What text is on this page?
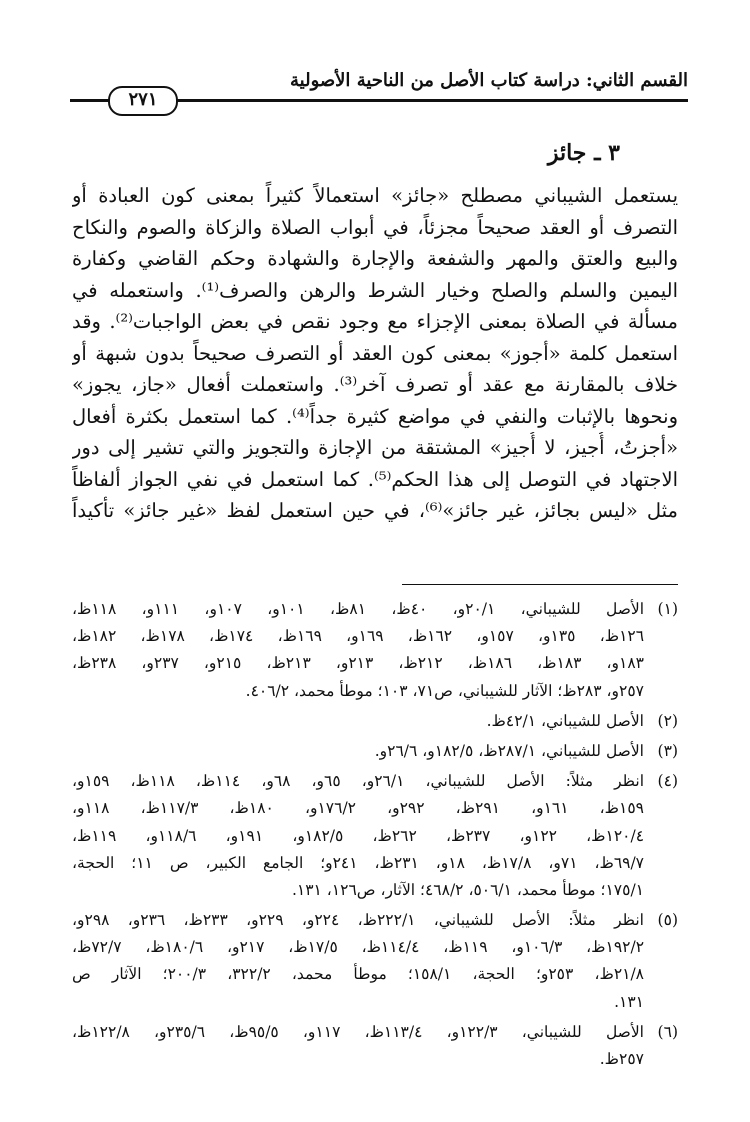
القسم الثاني: دراسة كتاب الأصل من الناحية الأصولية
٢٧١
٣ ـ جائز
يستعمل الشيباني مصطلح «جائز» استعمالاً كثيراً بمعنى كون العبادة أو
التصرف أو العقد صحيحاً مجزئاً، في أبواب الصلاة والزكاة والصوم والنكاح
والبيع والعتق والمهر والشفعة والإجارة والشهادة وحكم القاضي وكفارة
اليمين والسلم والصلح وخيار الشرط والرهن والصرف⁽¹⁾. واستعمله في
مسألة في الصلاة بمعنى الإجزاء مع وجود نقص في بعض الواجبات⁽²⁾. وقد
استعمل كلمة «أجوز» بمعنى كون العقد أو التصرف صحيحاً بدون شبهة أو
خلاف بالمقارنة مع عقد أو تصرف آخر⁽³⁾. واستعملت أفعال «جاز، يجوز»
ونحوها بالإثبات والنفي في مواضع كثيرة جداً⁽⁴⁾. كما استعمل بكثرة أفعال
«أجزتُ، أُجيز، لا أُجيز» المشتقة من الإجازة والتجويز والتي تشير إلى دور
الاجتهاد في التوصل إلى هذا الحكم⁽⁵⁾. كما استعمل في نفي الجواز ألفاظاً
مثل «ليس بجائز، غير جائز»⁽⁶⁾، في حين استعمل لفظ «غير جائز» تأكيداً
(١)
الأصل للشيباني، ٢٠/١و، ٤٠ظ، ٨١ظ، ١٠١و، ١٠٧و، ١١١و، ١١٨ظ،
١٢٦ظ، ١٣٥و، ١٥٧و، ١٦٢ظ، ١٦٩و، ١٦٩ظ، ١٧٤ظ، ١٧٨ظ، ١٨٢ظ،
١٨٣و، ١٨٣ظ، ١٨٦ظ، ٢١٢ظ، ٢١٣و، ٢١٣ظ، ٢١٥و، ٢٣٧و، ٢٣٨ظ،
٢٥٧و، ٢٨٣ظ؛ الآثار للشيباني، ص٧١، ١٠٣؛ موطأ محمد، ٤٠٦/٢.
(٢)
الأصل للشيباني، ٤٢/١ظ.
(٣)
الأصل للشيباني، ٢٨٧/١ظ، ١٨٢/٥و، ٢٦/٦و.
(٤)
انظر مثلاً: الأصل للشيباني، ٢٦/١و، ٦٥و، ٦٨و، ١١٤ظ، ١١٨ظ، ١٥٩و،
١٥٩ظ، ١٦١و، ٢٩١ظ، ٢٩٢و، ١٧٦/٢و، ١٨٠ظ، ١١٧/٣ظ، ١١٨و،
١٢٠/٤ظ، ١٢٢و، ٢٣٧ظ، ٢٦٢ظ، ١٨٢/٥و، ١٩١و، ١١٨/٦و، ١١٩ظ،
٦٩/٧ظ، ٧١و، ١٧/٨ظ، ١٨و، ٢٣١ظ، ٢٤١و؛ الجامع الكبير، ص ١١؛ الحجة،
١٧٥/١؛ موطأ محمد، ٥٠٦/١، ٤٦٨/٢؛ الآثار، ص١٢٦، ١٣١.
(٥)
انظر مثلاً: الأصل للشيباني، ٢٢٢/١ظ، ٢٢٤و، ٢٢٩و، ٢٣٣ظ، ٢٣٦و، ٢٩٨و،
١٩٢/٢ظ، ١٠٦/٣و، ١١٩ظ، ١١٤/٤ظ، ١٧/٥ظ، ٢١٧و، ١٨٠/٦ظ، ٧٢/٧ظ،
٢١/٨ظ، ٢٥٣و؛ الحجة، ١٥٨/١؛ موطأ محمد، ٣٢٢/٢، ٢٠٠/٣؛ الآثار ص
١٣١.
(٦)
الأصل للشيباني، ١٢٢/٣و، ١١٣/٤ظ، ١١٧و، ٩٥/٥ظ، ٢٣٥/٦و، ١٢٢/٨ظ،
٢٥٧ظ.
